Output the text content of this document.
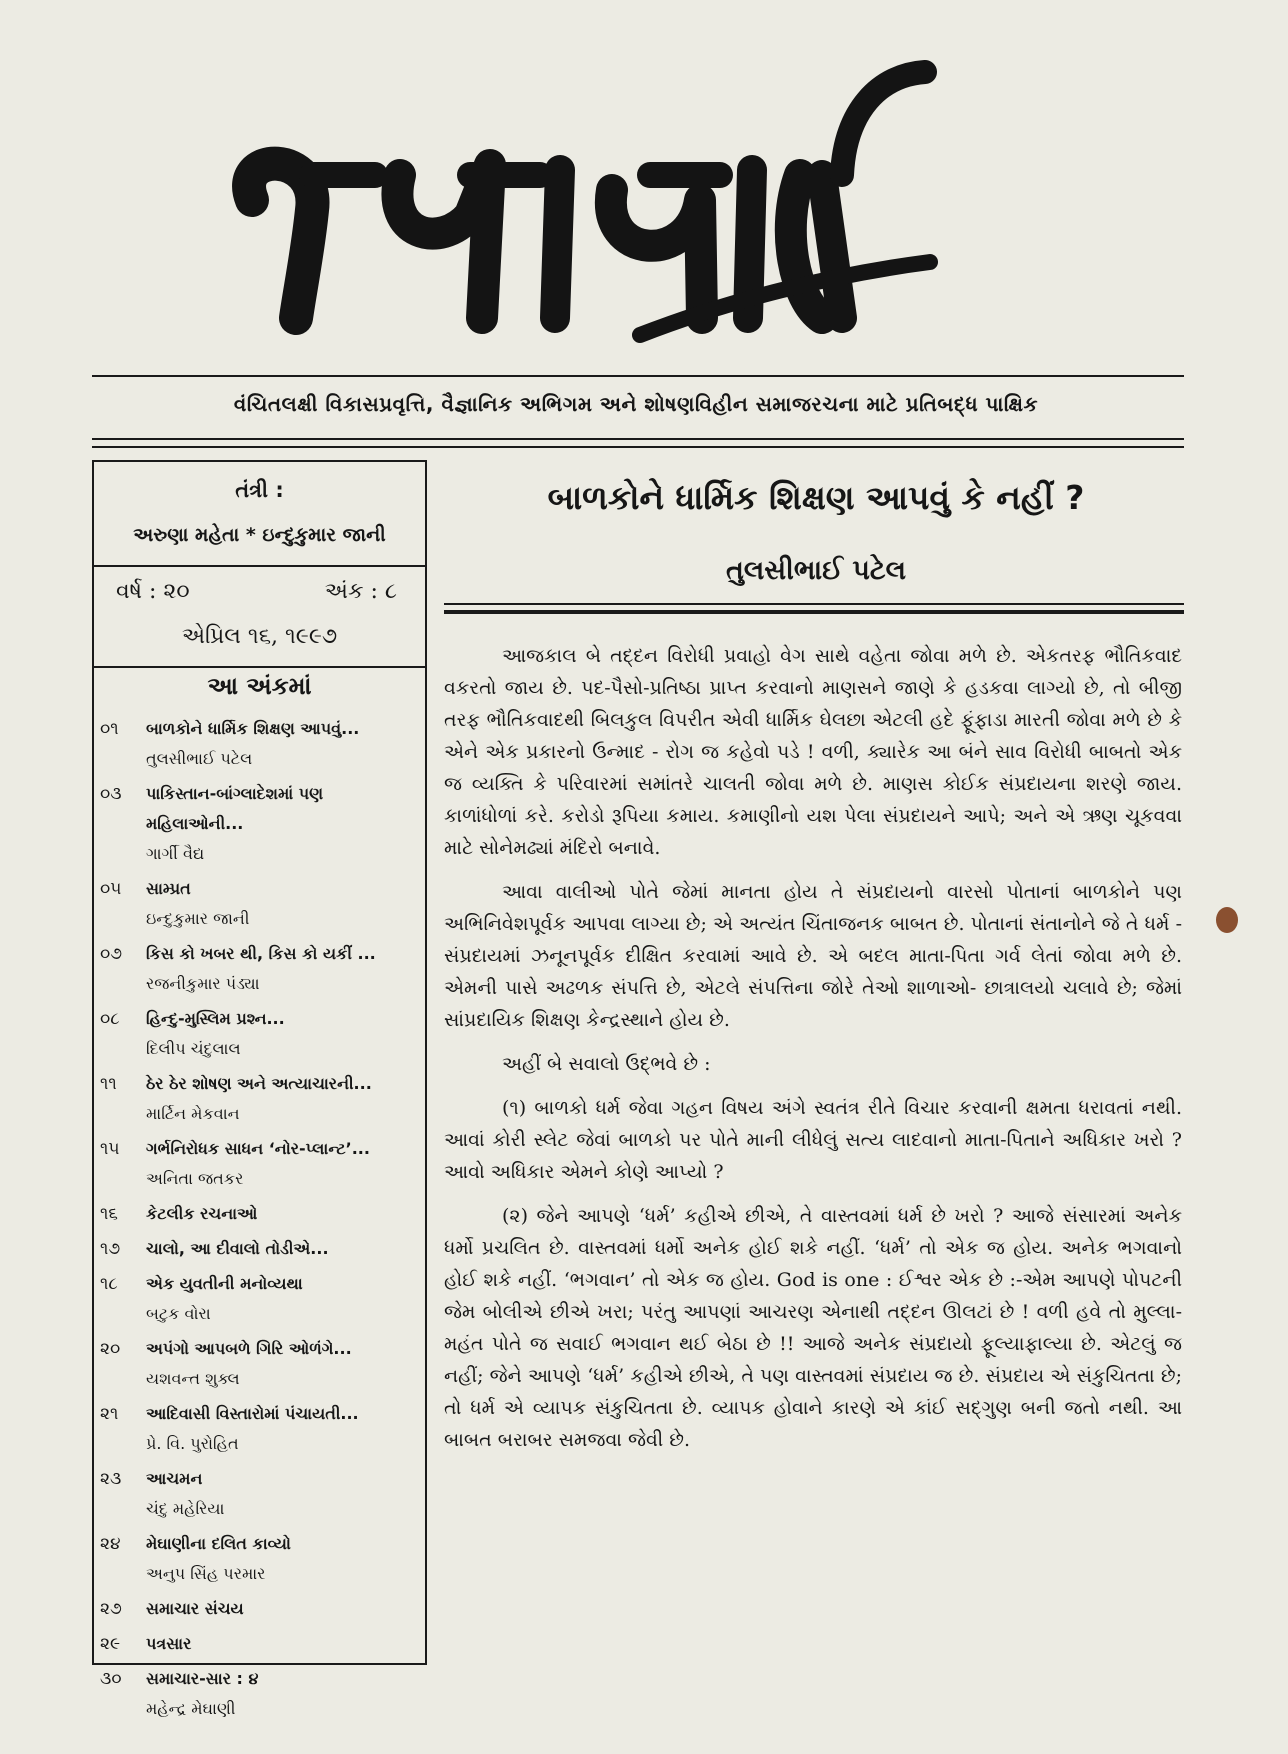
વંચિતલક્ષી વિકાસપ્રવૃત્તિ, વૈજ્ઞાનિક અભિગમ અને શોષણવિહીન સમાજરચના માટે પ્રતિબદ્ધ પાક્ષિક
તંત્રી :
અરુણા મહેતા * ઇન્દુકુમાર જાની
વર્ષ : ૨૦	અંક : ૮
એપ્રિલ ૧૬, ૧૯૯૭
આ અંકમાં
૦૧	બાળકોને ધાર્મિક શિક્ષણ આપવું...
તુલસીભાઈ પટેલ
૦૩	પાકિસ્તાન-બાંગ્લાદેશમાં પણ મહિલાઓની...
ગાર્ગી વૈદ્ય
૦૫	સામ્પ્રત
ઇન્દુકુમાર જાની
૦૭	કિસ કો ખબર થી, કિસ કો યકીં ...
રજનીકુમાર પંડ્યા
૦૮	હિન્દુ-મુસ્લિમ પ્રશ્ન...
દિલીપ ચંદુલાલ
૧૧	ઠેર ઠેર શોષણ અને અત્યાચારની...
માર્ટિન મેકવાન
૧૫	ગર્ભનિરોધક સાધન ‘નોર-પ્લાન્ટ’...
અનિતા જતકર
૧૬	કેટલીક રચનાઓ
૧૭	ચાલો, આ દીવાલો તોડીએ...
૧૮	એક યુવતીની મનોવ્યથા
બટુક વોરા
૨૦	અપંગો આપબળે ગિરિ ઓળંગે...
યશવન્ત શુક્લ
૨૧	આદિવાસી વિસ્તારોમાં પંચાયતી...
પ્રે. વિ. પુરોહિત
૨૩	આચમન
ચંદુ મહેરિયા
૨૪	મેઘાણીના દલિત કાવ્યો
અનુપ સિંહ પરમાર
૨૭	સમાચાર સંચય
૨૯	પત્રસાર
૩૦	સમાચાર-સાર : ૪
મહેન્દ્ર મેઘાણી
બાળકોને ધાર્મિક શિક્ષણ આપવું કે નહીં ?
તુલસીભાઈ પટેલ

આજકાલ બે તદ્દન વિરોધી પ્રવાહો વેગ સાથે વહેતા જોવા મળે છે. એકતરફ ભૌતિકવાદ વકરતો જાય છે. પદ-પૈસો-પ્રતિષ્ઠા પ્રાપ્ત કરવાનો માણસને જાણે કે હડકવા લાગ્યો છે, તો બીજી તરફ ભૌતિકવાદથી બિલકુલ વિપરીત એવી ધાર્મિક ઘેલછા એટલી હદે ફૂંફાડા મારતી જોવા મળે છે કે એને એક પ્રકારનો ઉન્માદ - રોગ જ કહેવો પડે ! વળી, ક્યારેક આ બંને સાવ વિરોધી બાબતો એક જ વ્યક્તિ કે પરિવારમાં સમાંતરે ચાલતી જોવા મળે છે. માણસ કોઈક સંપ્રદાયના શરણે જાય. કાળાંધોળાં કરે. કરોડો રૂપિયા કમાય. કમાણીનો યશ પેલા સંપ્રદાયને આપે; અને એ ઋણ ચૂકવવા માટે સોનેમઢ્યાં મંદિરો બનાવે.

આવા વાલીઓ પોતે જેમાં માનતા હોય તે સંપ્રદાયનો વારસો પોતાનાં બાળકોને પણ અભિનિવેશપૂર્વક આપવા લાગ્યા છે; એ અત્યંત ચિંતાજનક બાબત છે. પોતાનાં સંતાનોને જે તે ધર્મ - સંપ્રદાયમાં ઝનૂનપૂર્વક દીક્ષિત કરવામાં આવે છે. એ બદલ માતા-પિતા ગર્વ લેતાં જોવા મળે છે. એમની પાસે અઢળક સંપત્તિ છે, એટલે સંપત્તિના જોરે તેઓ શાળાઓ- છાત્રાલયો ચલાવે છે; જેમાં સાંપ્રદાયિક શિક્ષણ કેન્દ્રસ્થાને હોય છે.

અહીં બે સવાલો ઉદ્ભવે છે :

(૧) બાળકો ધર્મ જેવા ગહન વિષય અંગે સ્વતંત્ર રીતે વિચાર કરવાની ક્ષમતા ધરાવતાં નથી. આવાં કોરી સ્લેટ જેવાં બાળકો પર પોતે માની લીધેલું સત્ય લાદવાનો માતા-પિતાને અધિકાર ખરો ? આવો અધિકાર એમને કોણે આપ્યો ?

(૨) જેને આપણે ‘ધર્મ’ કહીએ છીએ, તે વાસ્તવમાં ધર્મ છે ખરો ? આજે સંસારમાં અનેક ધર્મો પ્રચલિત છે. વાસ્તવમાં ધર્મો અનેક હોઈ શકે નહીં. ‘ધર્મ’ તો એક જ હોય. અનેક ભગવાનો હોઈ શકે નહીં. ‘ભગવાન’ તો એક જ હોય. God is one : ઈશ્વર એક છે :-એમ આપણે પોપટની જેમ બોલીએ છીએ ખરા; પરંતુ આપણાં આચરણ એનાથી તદ્દન ઊલટાં છે ! વળી હવે તો મુલ્લા-મહંત પોતે જ સવાઈ ભગવાન થઈ બેઠા છે !! આજે અનેક સંપ્રદાયો ફૂલ્યાફાલ્યા છે. એટલું જ નહીં; જેને આપણે ‘ધર્મ’ કહીએ છીએ, તે પણ વાસ્તવમાં સંપ્રદાય જ છે. સંપ્રદાય એ સંકુચિતતા છે; તો ધર્મ એ વ્યાપક સંકુચિતતા છે. વ્યાપક હોવાને કારણે એ કાંઈ સદ્ગુણ બની જતો નથી. આ બાબત બરાબર સમજવા જેવી છે.
